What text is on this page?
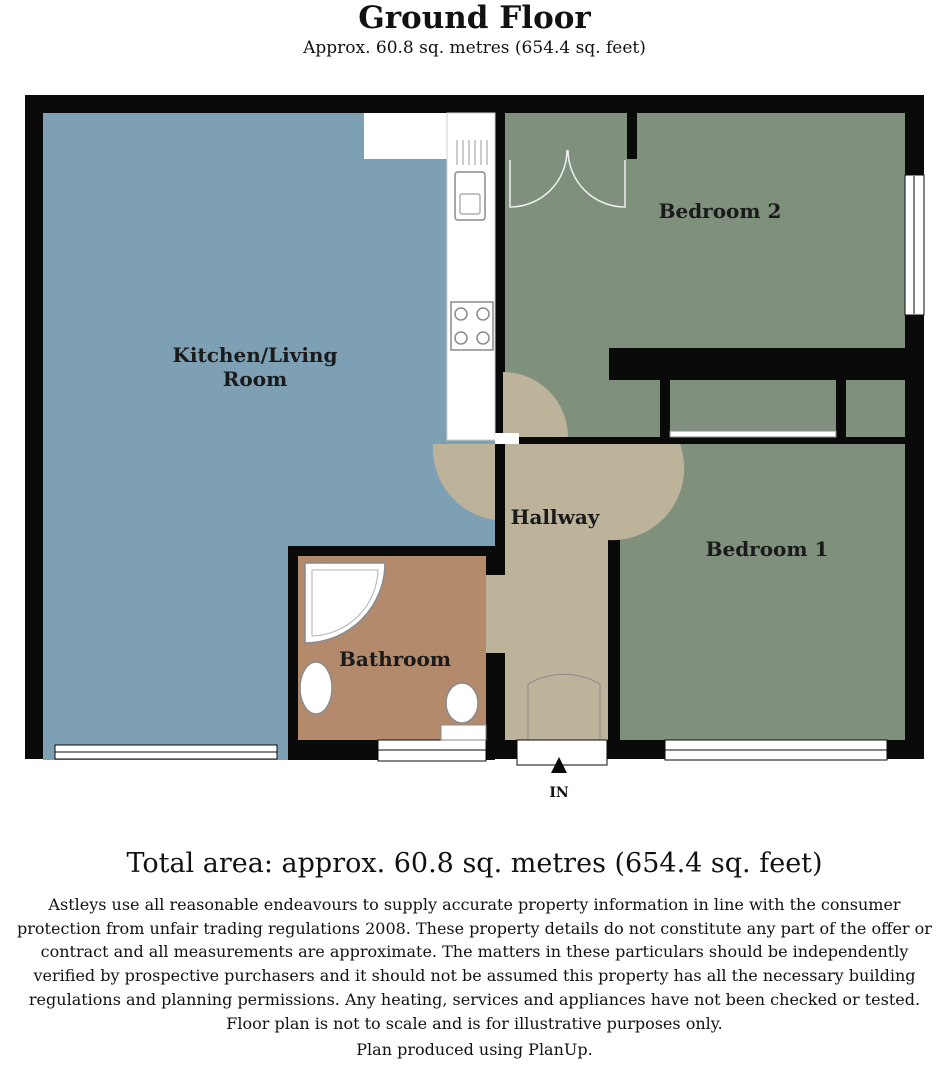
Ground Floor
Approx. 60.8 sq. metres (654.4 sq. feet)
Kitchen/Living
Room
Bedroom 2
Bedroom 1
Hallway
Bathroom
IN
Total area: approx. 60.8 sq. metres (654.4 sq. feet)
Astleys use all reasonable endeavours to supply accurate property information in line with the consumer protection from unfair trading regulations 2008. These property details do not constitute any part of the offer or contract and all measurements are approximate. The matters in these particulars should be independently verified by prospective purchasers and it should not be assumed this property has all the necessary building regulations and planning permissions. Any heating, services and appliances have not been checked or tested. Floor plan is not to scale and is for illustrative purposes only.
Plan produced using PlanUp.
